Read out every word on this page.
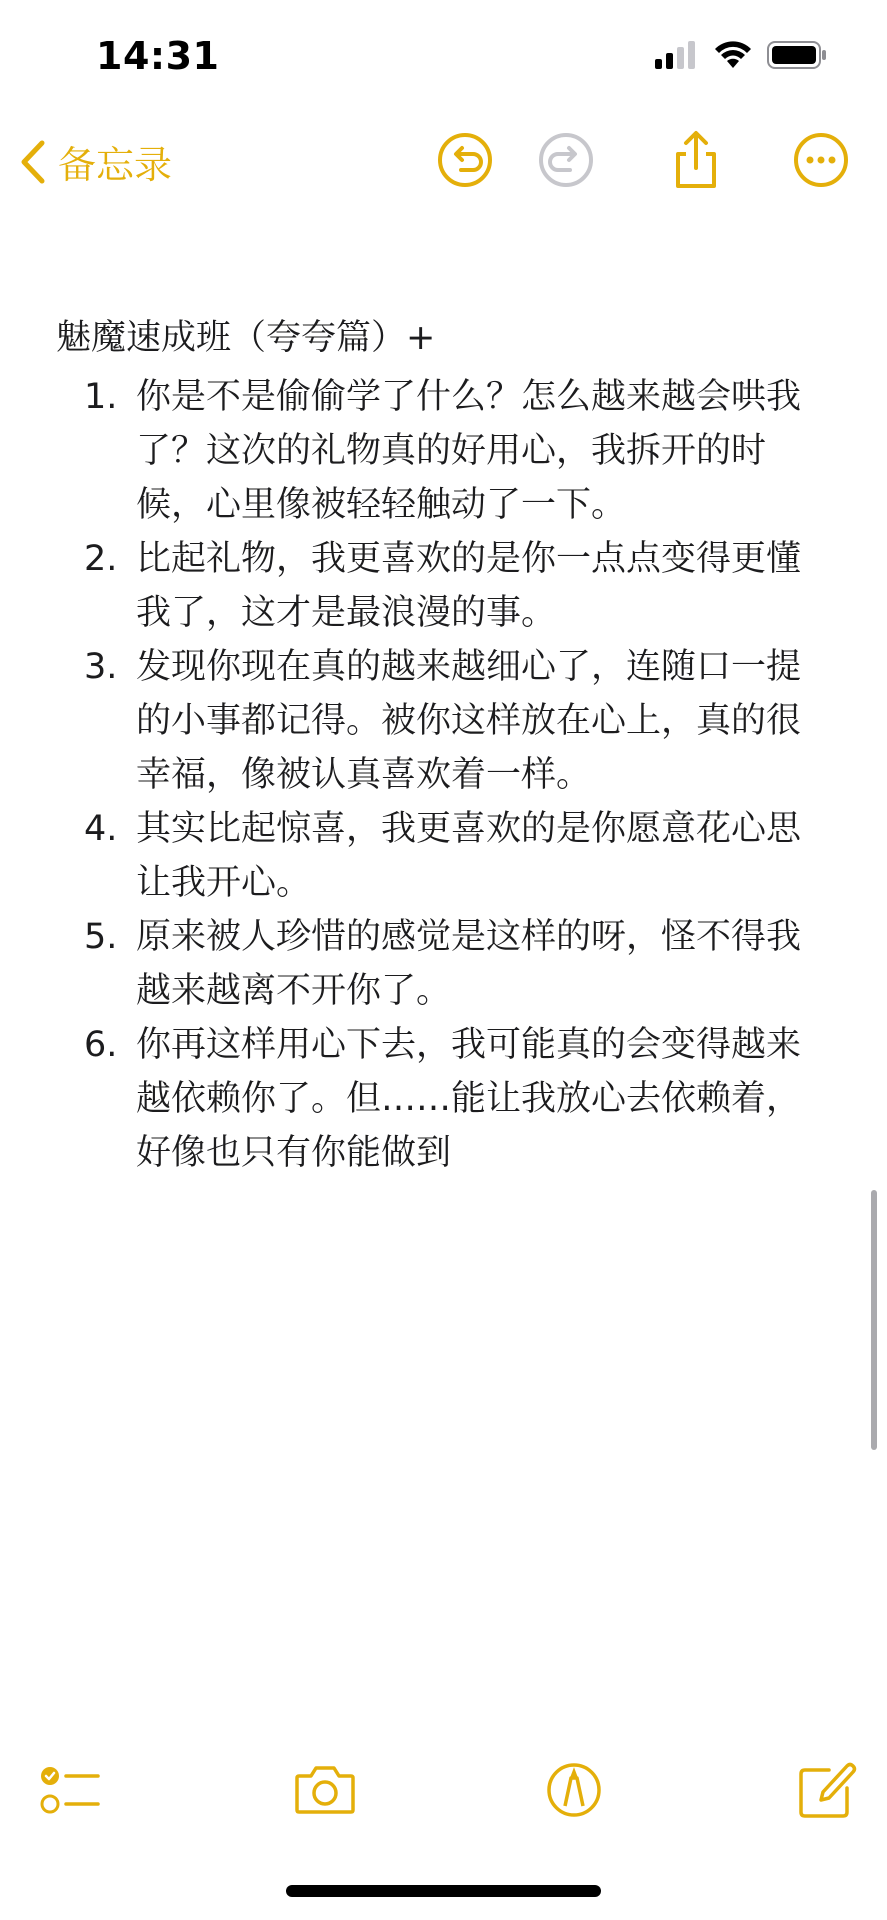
14:31
备忘录
魅魔速成班（夸夸篇）+
1. 你是不是偷偷学了什么？怎么越来越会哄我了？这次的礼物真的好用心，我拆开的时候，心里像被轻轻触动了一下。
2. 比起礼物，我更喜欢的是你一点点变得更懂我了，这才是最浪漫的事。
3. 发现你现在真的越来越细心了，连随口一提的小事都记得。被你这样放在心上，真的很幸福，像被认真喜欢着一样。
4. 其实比起惊喜，我更喜欢的是你愿意花心思让我开心。
5. 原来被人珍惜的感觉是这样的呀，怪不得我越来越离不开你了。
6. 你再这样用心下去，我可能真的会变得越来越依赖你了。但……能让我放心去依赖着，好像也只有你能做到
